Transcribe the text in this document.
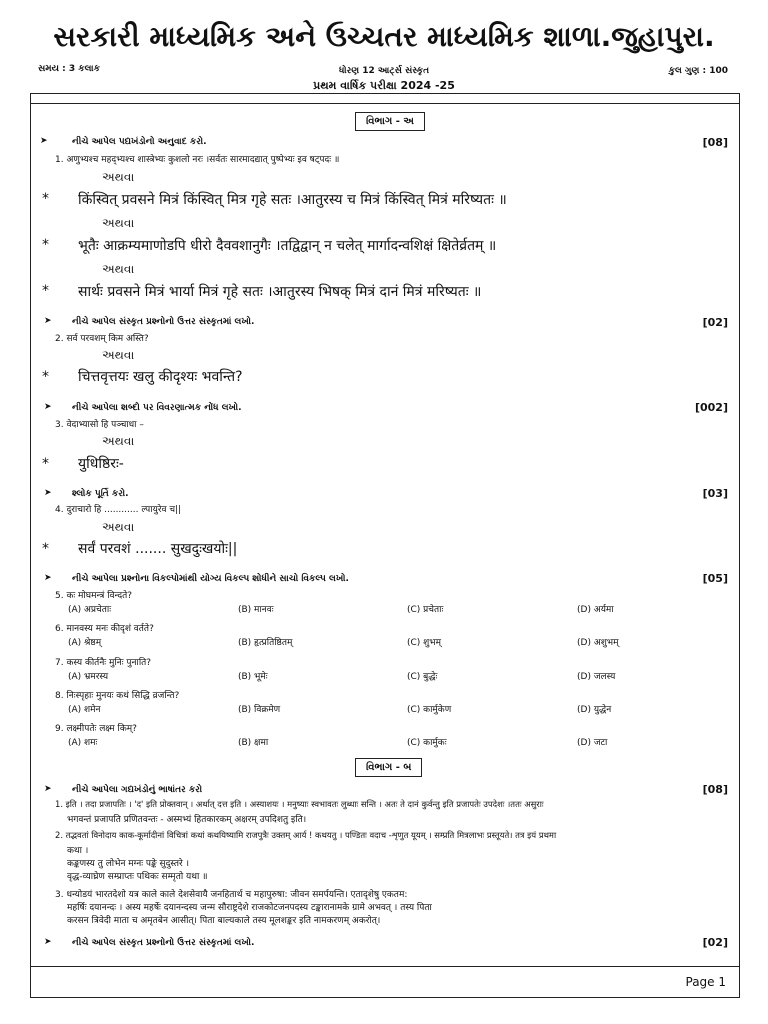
સરકારી માધ્યમિક અને ઉચ્ચતર માધ્યમિક શાળા.જુહાપુરા.
સમય : 3 કલાક	ધોરણ 12 આર્ટ્સ સંસ્કૃત
પ્રથમ વાર્ષિક પરીક્ષા 2024 -25
કુલ ગુણ : 100
વિભાગ - અ
➤	નીચે આપેલ પદ્યખંડોનો અનુવાદ કરો.	[08]
1. अणुभ्यश्च महद्भ्यश्च शास्त्रेभ्यः कुशलो नरः ।सर्वतः सारमादद्यात् पुष्पेभ्यः इव षट्पदः ॥
અથવા
* किंस्वित् प्रवसने मित्रं किंस्वित् मित्र गृहे सतः ।आतुरस्य च मित्रं किंस्वित् मित्रं मरिष्यतः ॥
અથવા
* भूतैः आक्रम्यमाणोडपि धीरो दैववशानुगैः ।तद्विद्वान् न चलेत् मार्गादन्वशिक्षं क्षितेर्व्रतम् ॥
અથવા
* सार्थः प्रवसने मित्रं भार्या मित्रं गृहे सतः ।आतुरस्य भिषक् मित्रं दानं मित्रं मरिष्यतः ॥
➤ નીચે આપેલ સંસ્કૃત પ્રશ્નોનો ઉત્તર સંસ્કૃતમાં લખો.	[02]
2. सर्व परवशम् किम अस्ति?
અથવા
* चित्तवृत्तयः खलु कीदृश्यः भवन्ति?
➤ નીચે આપેલા શબ્દો પર વિવરણાત્મક નોંધ લખો.	[002]
3. वेदाभ्यासो हि पञ्चाधा –
અથવા
* युधिष्ठिरः-
➤ શ્લોક પૂર્તિ કરો.	[03]
4. दुराचारो हि ............ ल्पायुरेव च||
અથવા
* सर्वं परवशं ....... सुखदुःखयोः||
➤ નીચે આપેલા પ્રશ્નોના વિકલ્પોમાંથી યોગ્ય વિકલ્પ શોધીને સાચો વિકલ્પ લખો.	[05]
5. कः मोघमन्त्रं विन्दते?
(A) अप्रचेताः	(B) मानवः	(C) प्रचेताः	(D) अर्यमा
6. मानवस्य मनः कीदृशं वर्तते?
(A) श्रेष्ठम्	(B) हृत्प्रतिष्ठितम्	(C) शुभम्	(D) अशुभम्
7. कस्य कीर्तनैः मुनिः पुनाति?
(A) भ्रमरस्य	(B) भूमेः	(C) बुद्धेः	(D) जलस्य
8. निःस्पृहाः मुनयः कथं सिद्धि व्रजन्ति?
(A) शमेन	(B) विक्रमेण	(C) कार्मुकेण	(D) युद्धेन
9. लक्ष्मीपतेः लक्ष्म किम्?
(A) शमः	(B) क्षमा	(C) कार्मुकः	(D) जटा
વિભાગ - બ
➤ નીચે આપેલા ગદ્યખંડોનું ભાષાંતર કરો	[08]
1. इति । तदा प्रजापतिः । 'द' इति प्रोक्तवान् । अर्थात् दत्त इति । अस्याशयः । मनुष्याः स्वभावतः लुब्धाः सन्ति । अतः ते दानं कुर्वन्तु इति प्रजापतेः उपदेशः ।ततः असुराः
भगवन्तं प्रजापति प्रणितवन्तः - अस्मभ्यं हितकारकम् अक्षरम् उपदिशतु इति।
2. तद्भवतां विनोदाय काक-कूर्मादीनां विचित्रां कथां कथयिष्यामि राजपुत्रैः उक्तम् आर्य ! कथयतु । पण्डितः वदाच -शृणुत यूयम् । सम्प्रति मित्रलाभः प्रस्तूयते। तत्र इयं प्रथमा
कथा ।
कङ्कणस्य तु लोभेन मग्नः पङ्के सुदुस्तरे ।
वृद्ध-व्याघ्रेण सम्प्राप्तः पथिकः सम्मृतो यथा ॥
3. धन्योडयं भारतदेशो यत्र काले काले देशसेवायै जनहितार्थ च महापुरुषा: जीवन समर्पयन्ति। एतादृशेषु एकतम:
महर्षिः दयानन्दः । अस्य महर्षेः दयानन्दस्य जन्म सौराष्ट्रदेशे राजकोटजनपदस्य टङ्कारानामके ग्रामे अभवत् । तस्य पिता
करसन त्रिवेदी माता च अमृतबेन आसीत्। पिता बाल्यकाले तस्य मूलशङ्कर इति नामकरणम् अकरोत्।
➤ નીચે આપેલ સંસ્કૃત પ્રશ્નોનો ઉત્તર સંસ્કૃતમાં લખો.	[02]
Page 1
